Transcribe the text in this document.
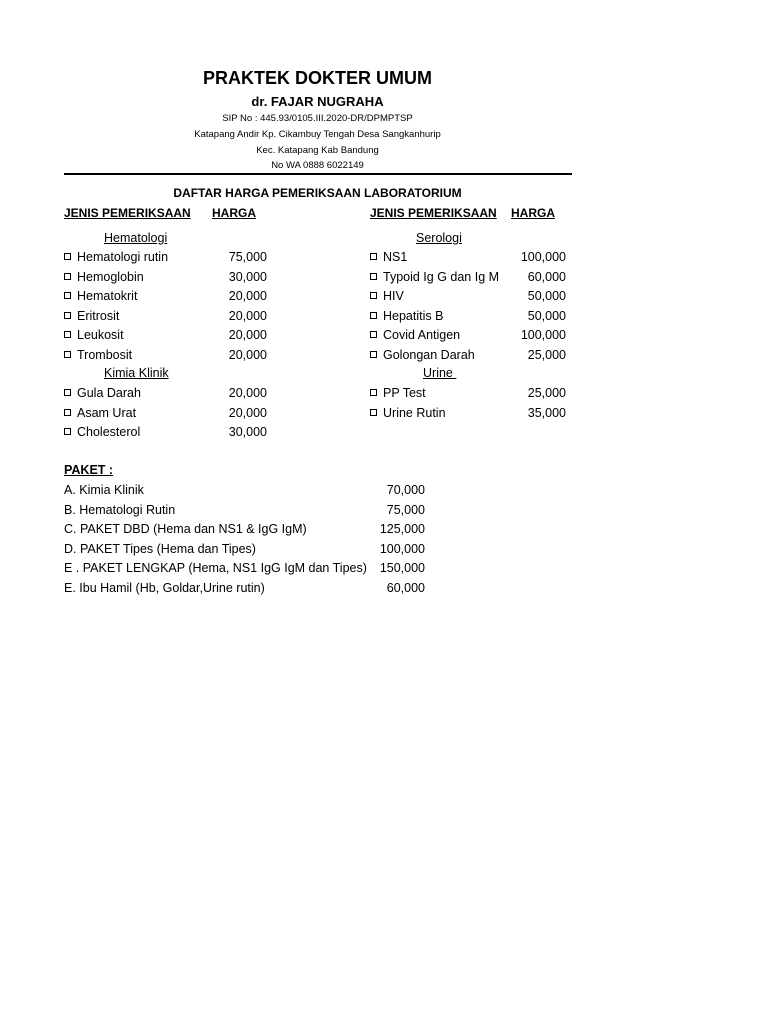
PRAKTEK DOKTER UMUM
dr. FAJAR NUGRAHA
SIP No : 445.93/0105.III.2020-DR/DPMPTSP
Katapang Andir Kp. Cikambuy Tengah Desa Sangkanhurip
Kec. Katapang Kab Bandung
No WA 0888 6022149
DAFTAR HARGA PEMERIKSAAN LABORATORIUM
JENIS PEMERIKSAAN HARGA	JENIS PEMERIKSAAN HARGA
Hematologi
Hematologi rutin	75,000
Hemoglobin	30,000
Hematokrit	20,000
Eritrosit	20,000
Leukosit	20,000
Trombosit	20,000
Kimia Klinik
Gula Darah	20,000
Asam Urat	20,000
Cholesterol	30,000
Serologi
NS1	100,000
Typoid Ig G dan Ig M	60,000
HIV	50,000
Hepatitis B	50,000
Covid Antigen	100,000
Golongan Darah	25,000
Urine
PP Test	25,000
Urine Rutin	35,000
PAKET :
A. Kimia Klinik	70,000
B. Hematologi Rutin	75,000
C. PAKET DBD (Hema dan NS1 & IgG IgM)	125,000
D. PAKET Tipes (Hema dan Tipes)	100,000
E . PAKET LENGKAP (Hema, NS1 IgG IgM dan Tipes)	150,000
E. Ibu Hamil (Hb, Goldar,Urine rutin)	60,000
